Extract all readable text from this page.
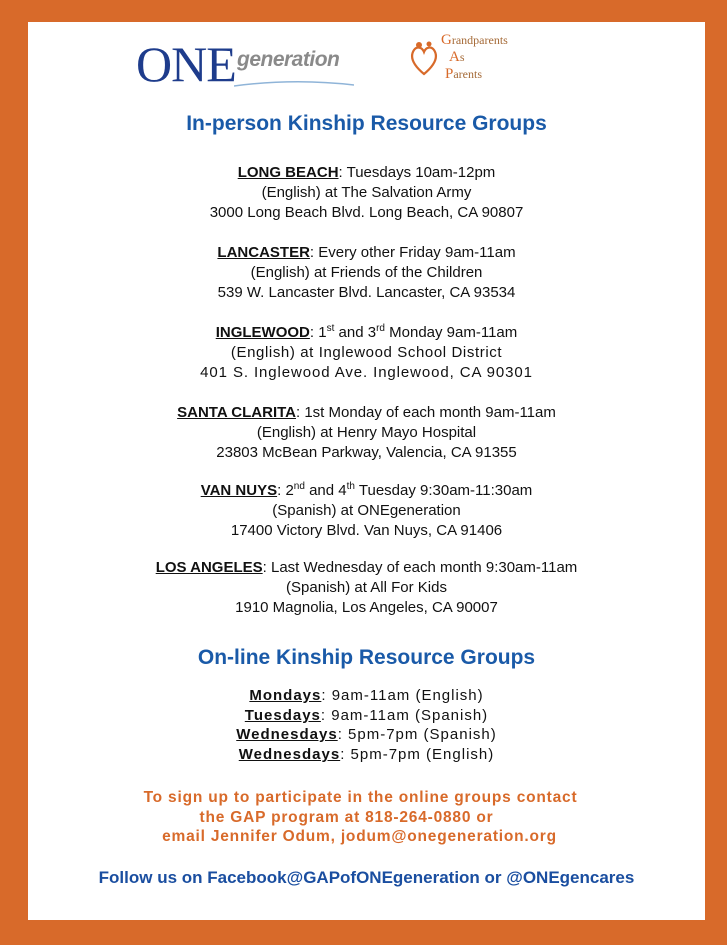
ONE generation
Grandparents
As
Parents
In-person Kinship Resource Groups
LONG BEACH: Tuesdays 10am-12pm
(English) at The Salvation Army
3000 Long Beach Blvd. Long Beach, CA 90807
LANCASTER: Every other Friday 9am-11am
(English) at Friends of the Children
539 W. Lancaster Blvd. Lancaster, CA 93534
INGLEWOOD: 1st and 3rd Monday 9am-11am
(English) at Inglewood School District
401 S. Inglewood Ave. Inglewood, CA 90301
SANTA CLARITA: 1st Monday of each month 9am-11am
(English) at Henry Mayo Hospital
23803 McBean Parkway, Valencia, CA 91355
VAN NUYS: 2nd and 4th Tuesday 9:30am-11:30am
(Spanish) at ONEgeneration
17400 Victory Blvd. Van Nuys, CA 91406
LOS ANGELES: Last Wednesday of each month 9:30am-11am
(Spanish) at All For Kids
1910 Magnolia, Los Angeles, CA 90007
On-line Kinship Resource Groups
Mondays: 9am-11am (English)
Tuesdays: 9am-11am (Spanish)
Wednesdays: 5pm-7pm (Spanish)
Wednesdays: 5pm-7pm (English)
To sign up to participate in the online groups contact
the GAP program at 818-264-0880 or
email Jennifer Odum, jodum@onegeneration.org
Follow us on Facebook@GAPofONEgeneration or @ONEgencares
